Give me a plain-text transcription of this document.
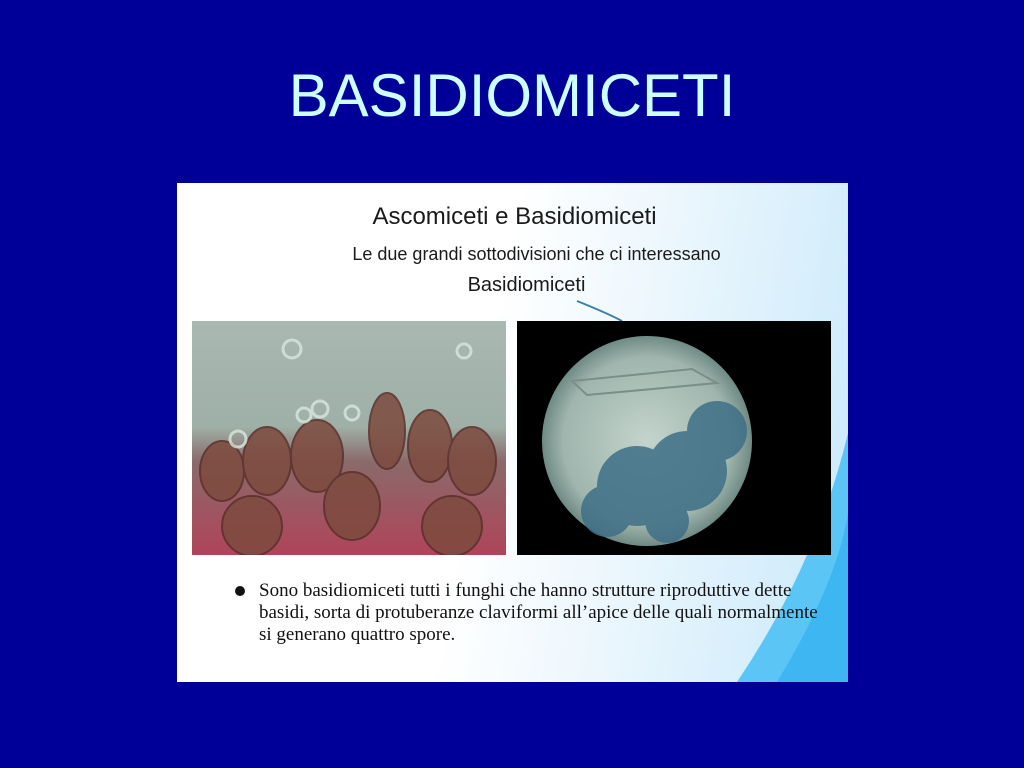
BASIDIOMICETI
Ascomiceti e Basidiomiceti
Le due grandi sottodivisioni che ci interessano
Basidiomiceti
Sono basidiomiceti tutti i funghi che hanno strutture riproduttive dette basidi, sorta di protuberanze claviformi all’apice delle quali normalmente si generano quattro spore.
